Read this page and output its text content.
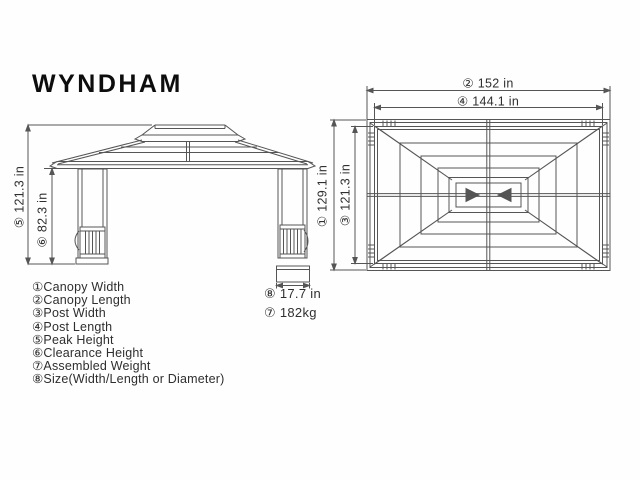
WYNDHAM	② 152 in
④ 144.1 in
① 129.1 in ③ 121.3 in
⑤ 121.3 in ⑥ 82.3 in
⑧ 17.7 in
⑦ 182kg
①Canopy Width
②Canopy Length
③Post Width
④Post Length
⑤Peak Height
⑥Clearance Height
⑦Assembled Weight
⑧Size(Width/Length or Diameter)
